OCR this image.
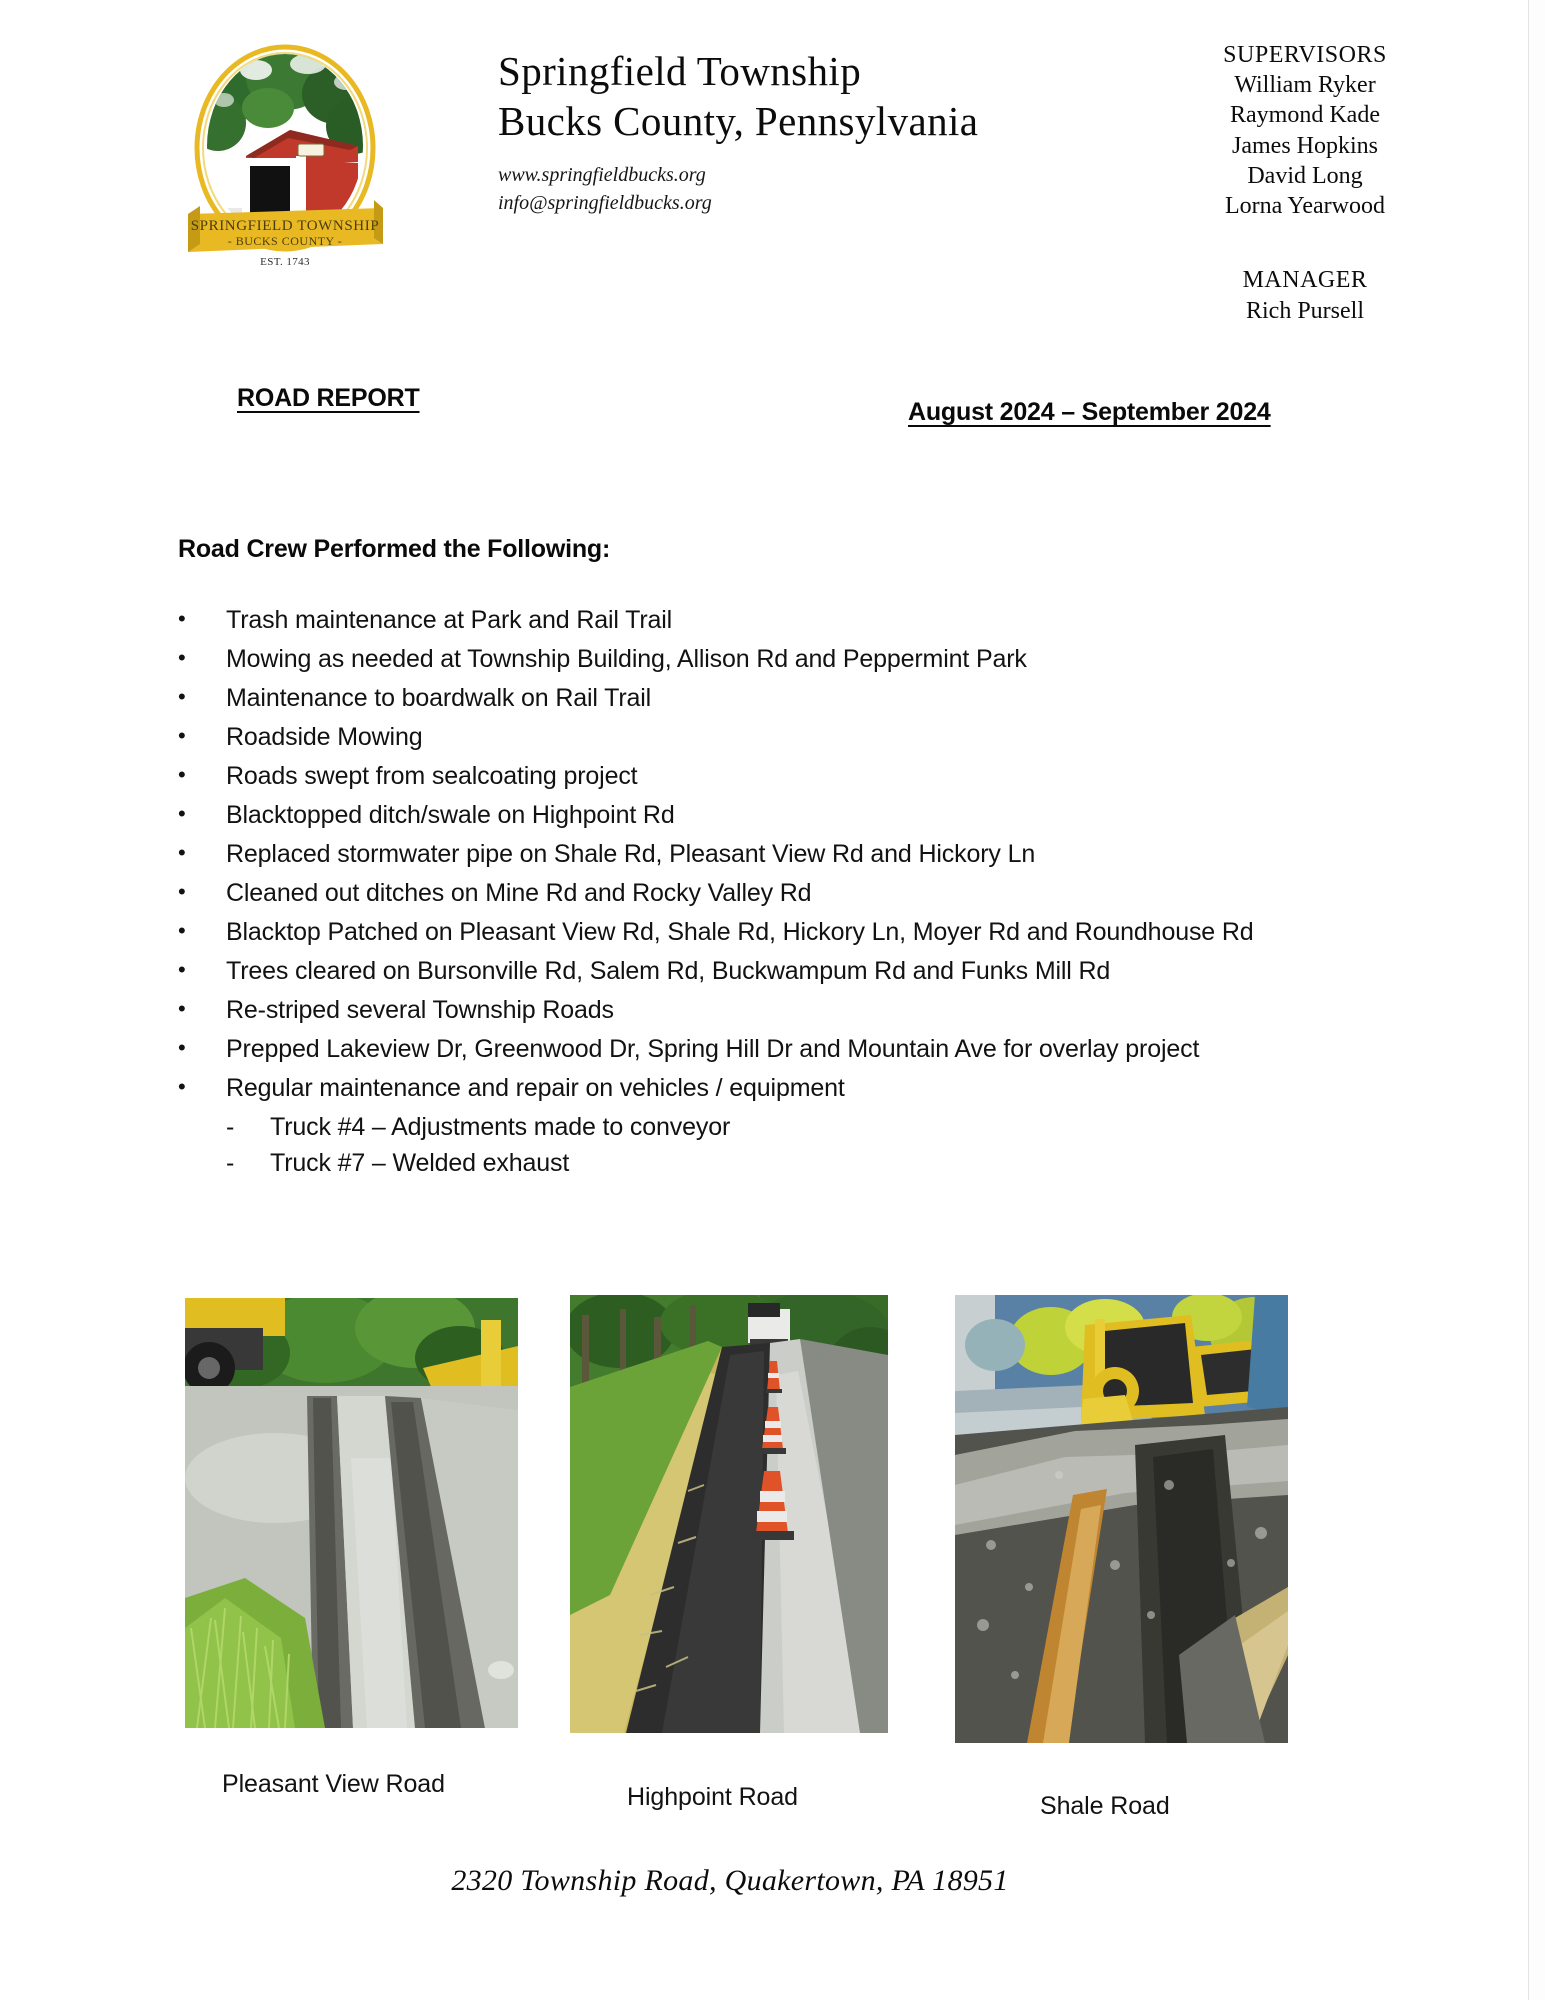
SPRINGFIELD TOWNSHIP
- BUCKS COUNTY -
EST. 1743
Springfield Township
Bucks County, Pennsylvania
www.springfieldbucks.org
info@springfieldbucks.org
SUPERVISORS
William Ryker
Raymond Kade
James Hopkins
David Long
Lorna Yearwood
MANAGER
Rich Pursell
ROAD REPORT	August 2024 – September 2024
Road Crew Performed the Following:
• Trash maintenance at Park and Rail Trail
• Mowing as needed at Township Building, Allison Rd and Peppermint Park
• Maintenance to boardwalk on Rail Trail
• Roadside Mowing
• Roads swept from sealcoating project
• Blacktopped ditch/swale on Highpoint Rd
• Replaced stormwater pipe on Shale Rd, Pleasant View Rd and Hickory Ln
• Cleaned out ditches on Mine Rd and Rocky Valley Rd
• Blacktop Patched on Pleasant View Rd, Shale Rd, Hickory Ln, Moyer Rd and Roundhouse Rd
• Trees cleared on Bursonville Rd, Salem Rd, Buckwampum Rd and Funks Mill Rd
• Re-striped several Township Roads
• Prepped Lakeview Dr, Greenwood Dr, Spring Hill Dr and Mountain Ave for overlay project
• Regular maintenance and repair on vehicles / equipment
- Truck #4 – Adjustments made to conveyor
- Truck #7 – Welded exhaust
Pleasant View Road	Highpoint Road	Shale Road
2320 Township Road, Quakertown, PA 18951
